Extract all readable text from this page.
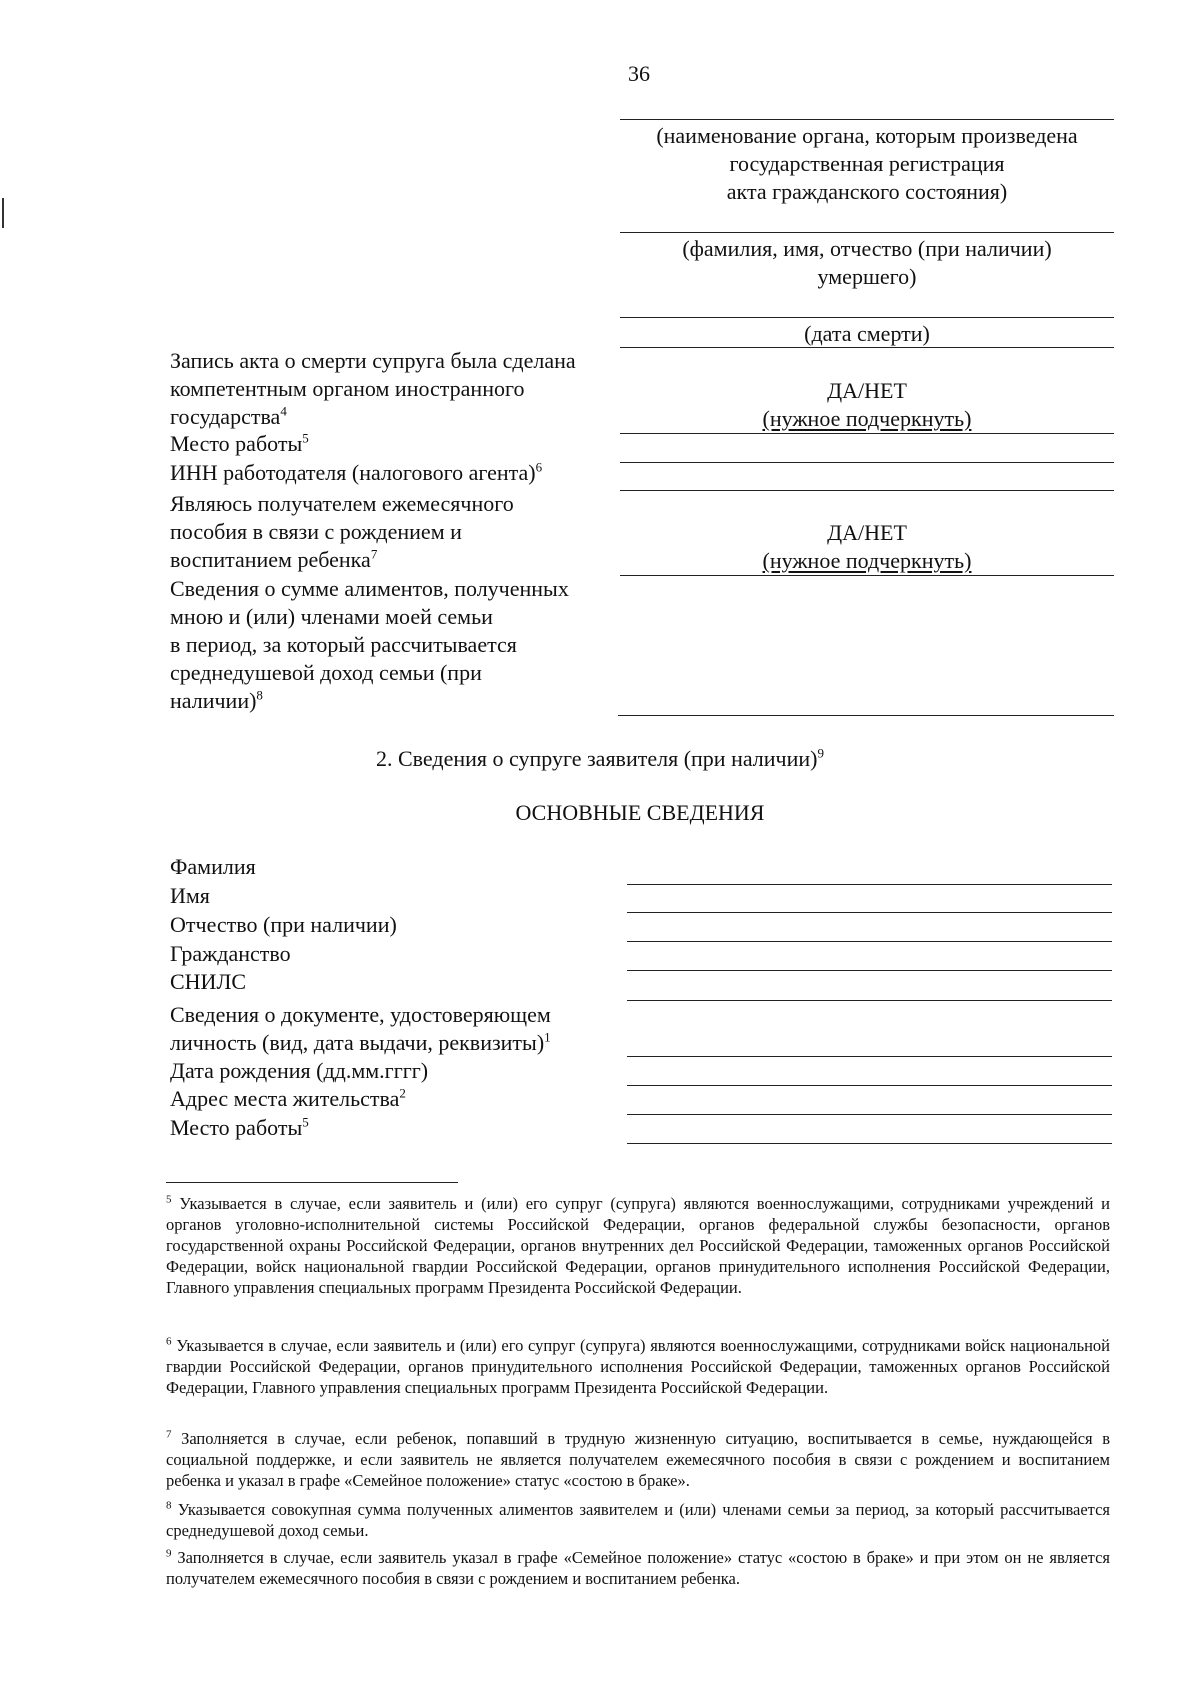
36
(наименование органа, которым произведена
государственная регистрация
акта гражданского состояния)
(фамилия, имя, отчество (при наличии)
умершего)
(дата смерти)
Запись акта о смерти супруга была сделана
компетентным органом иностранного
государства$^4$
ДА/НЕТ
(нужное подчеркнуть)
Место работы$^5$
ИНН работодателя (налогового агента)$^6$
Являюсь получателем ежемесячного
пособия в связи с рождением и
воспитанием ребенка$^7$
ДА/НЕТ
(нужное подчеркнуть)
Сведения о сумме алиментов, полученных
мною и (или) членами моей семьи
в период, за который рассчитывается
среднедушевой доход семьи (при
наличии)$^8$
2. Сведения о супруге заявителя (при наличии)$^9$
ОСНОВНЫЕ СВЕДЕНИЯ
Фамилия
Имя
Отчество (при наличии)
Гражданство
СНИЛС
Сведения о документе, удостоверяющем
личность (вид, дата выдачи, реквизиты)$^1$
Дата рождения (дд.мм.гггг)
Адрес места жительства$^2$
Место работы$^5$
$^5$ Указывается в случае, если заявитель и (или) его супруг (супруга) являются военнослужащими, сотрудниками учреждений и органов уголовно-исполнительной системы Российской Федерации, органов федеральной службы безопасности, органов государственной охраны Российской Федерации, органов внутренних дел Российской Федерации, таможенных органов Российской Федерации, войск национальной гвардии Российской Федерации, органов принудительного исполнения Российской Федерации, Главного управления специальных программ Президента Российской Федерации.
$^6$ Указывается в случае, если заявитель и (или) его супруг (супруга) являются военнослужащими, сотрудниками войск национальной гвардии Российской Федерации, органов принудительного исполнения Российской Федерации, таможенных органов Российской Федерации, Главного управления специальных программ Президента Российской Федерации.
$^7$ Заполняется в случае, если ребенок, попавший в трудную жизненную ситуацию, воспитывается в семье, нуждающейся в социальной поддержке, и если заявитель не является получателем ежемесячного пособия в связи с рождением и воспитанием ребенка и указал в графе «Семейное положение» статус «состою в браке».
$^8$ Указывается совокупная сумма полученных алиментов заявителем и (или) членами семьи за период, за который рассчитывается среднедушевой доход семьи.
$^9$ Заполняется в случае, если заявитель указал в графе «Семейное положение» статус «состою в браке» и при этом он не является получателем ежемесячного пособия в связи с рождением и воспитанием ребенка.
